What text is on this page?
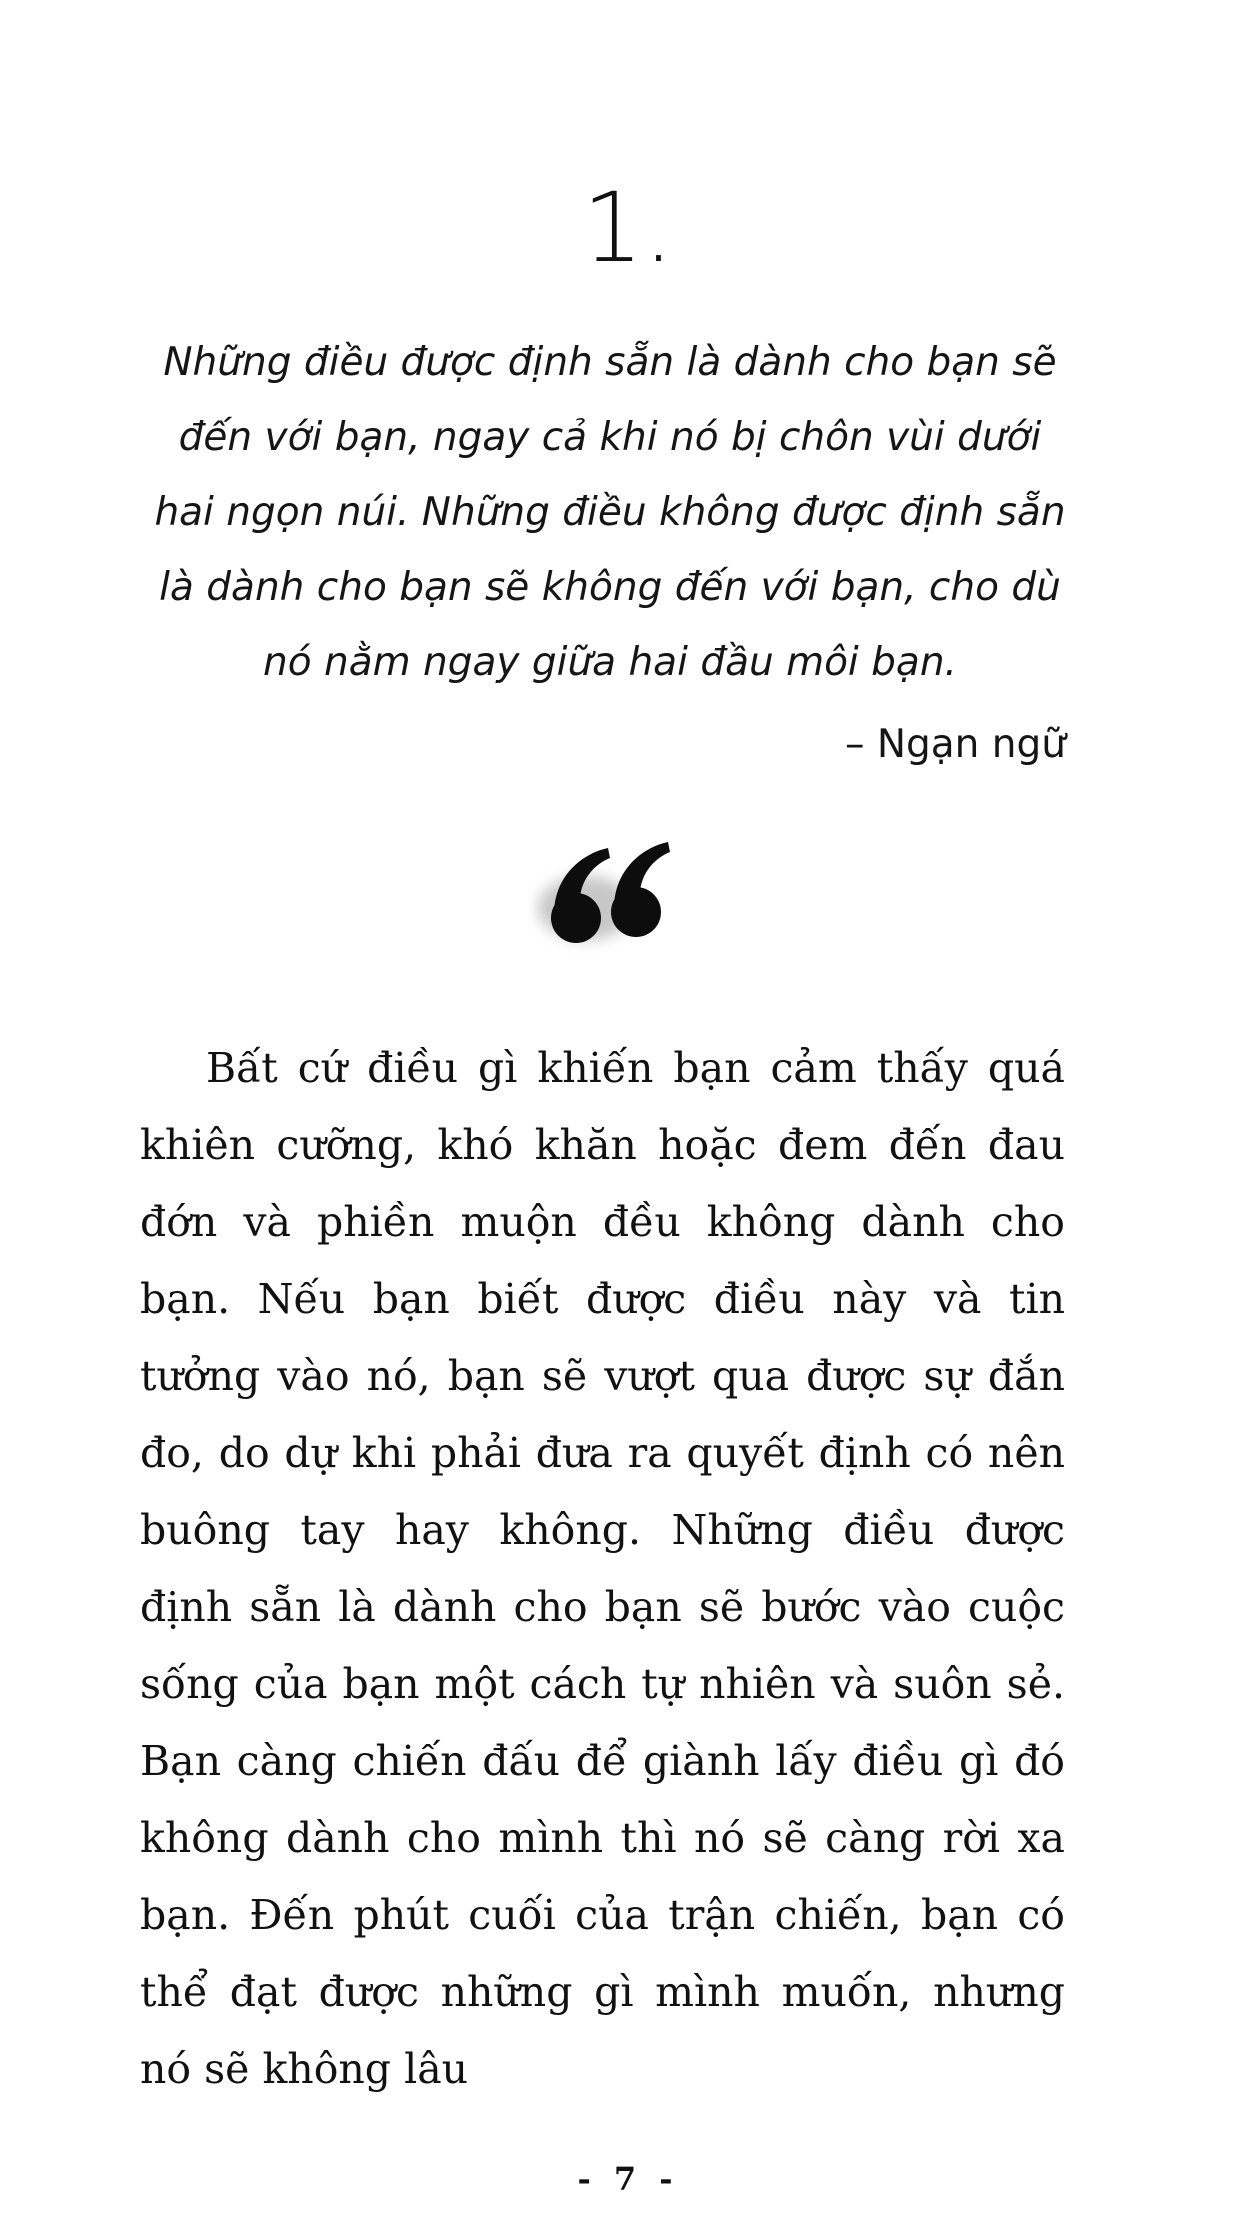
1.
Những điều được định sẵn là dành cho bạn sẽ
đến với bạn, ngay cả khi nó bị chôn vùi dưới
hai ngọn núi. Những điều không được định sẵn
là dành cho bạn sẽ không đến với bạn, cho dù
nó nằm ngay giữa hai đầu môi bạn.
– Ngạn ngữ
Bất cứ điều gì khiến bạn cảm thấy quá khiên cưỡng, khó khăn hoặc đem đến đau đớn và phiền muộn đều không dành cho bạn. Nếu bạn biết được điều này và tin tưởng vào nó, bạn sẽ vượt qua được sự đắn đo, do dự khi phải đưa ra quyết định có nên buông tay hay không. Những điều được định sẵn là dành cho bạn sẽ bước vào cuộc sống của bạn một cách tự nhiên và suôn sẻ. Bạn càng chiến đấu để giành lấy điều gì đó không dành cho mình thì nó sẽ càng rời xa bạn. Đến phút cuối của trận chiến, bạn có thể đạt được những gì mình muốn, nhưng nó sẽ không lâu
- 7 -
